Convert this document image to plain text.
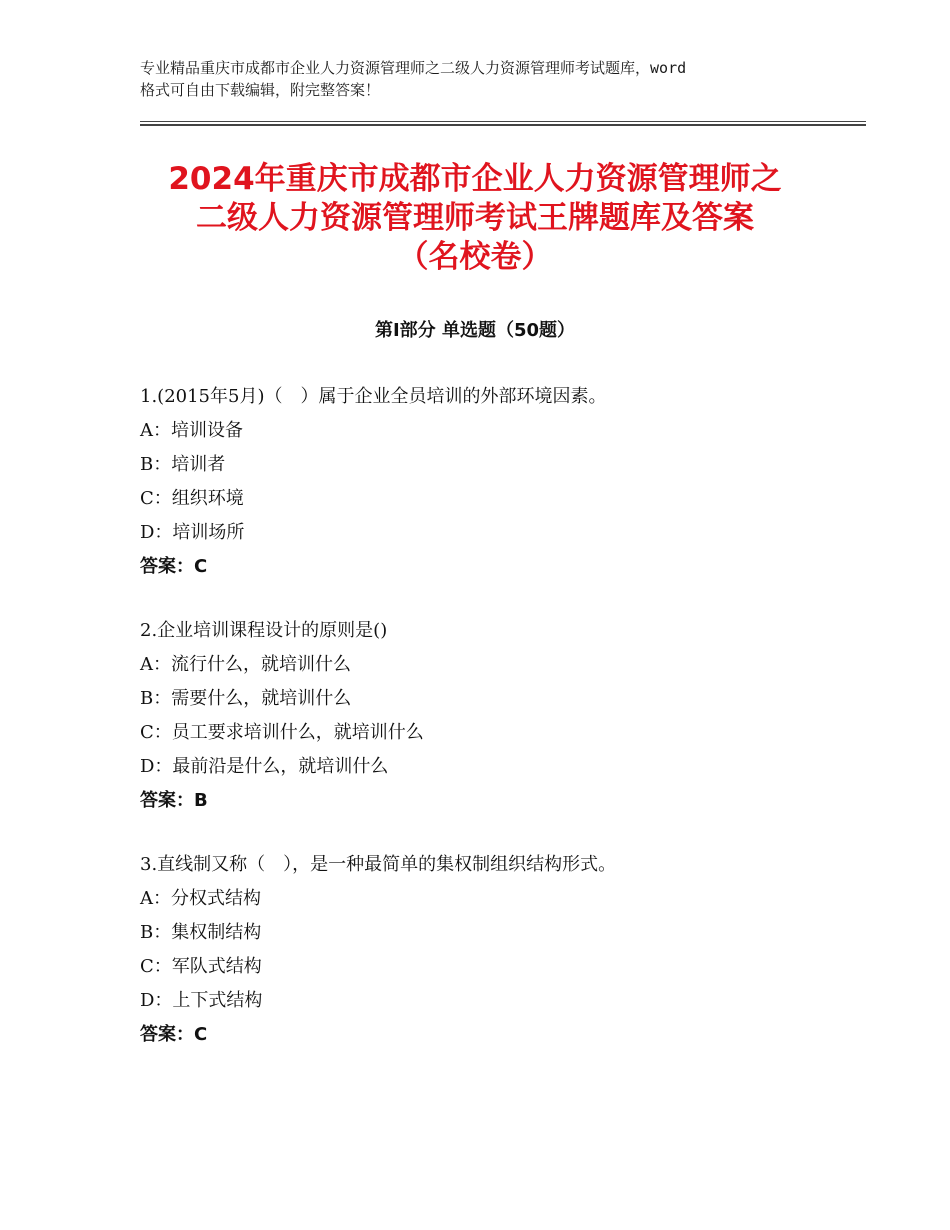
专业精品重庆市成都市企业人力资源管理师之二级人力资源管理师考试题库，word
格式可自由下载编辑，附完整答案！
2024年重庆市成都市企业人力资源管理师之
二级人力资源管理师考试王牌题库及答案
（名校卷）
第Ⅰ部分 单选题（50题）
1.(2015年5月)（　）属于企业全员培训的外部环境因素。
A：培训设备
B：培训者
C：组织环境
D：培训场所
答案：C
2.企业培训课程设计的原则是()
A：流行什么，就培训什么
B：需要什么，就培训什么
C：员工要求培训什么，就培训什么
D：最前沿是什么，就培训什么
答案：B
3.直线制又称（　），是一种最简单的集权制组织结构形式。
A：分权式结构
B：集权制结构
C：军队式结构
D：上下式结构
答案：C
